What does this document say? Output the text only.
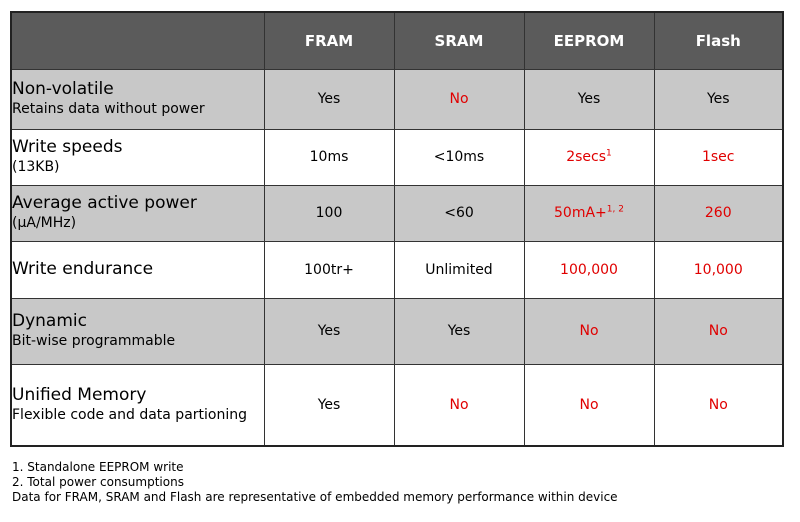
	FRAM	SRAM	EEPROM	Flash

Non-volatile
Retains data without power	Yes	No	Yes	Yes

Write speeds
(13KB)	10ms	<10ms	2secs$^1$	1sec

Average active power
(µA/MHz)	100	<60	50mA+$^{1, 2}$	260

Write endurance	100tr+	Unlimited	100,000	10,000

Dynamic
Bit-wise programmable	Yes	Yes	No	No

Unified Memory
Flexible code and data partioning	Yes	No	No	No
1. Standalone EEPROM write
2. Total power consumptions
Data for FRAM, SRAM and Flash are representative of embedded memory performance within device
